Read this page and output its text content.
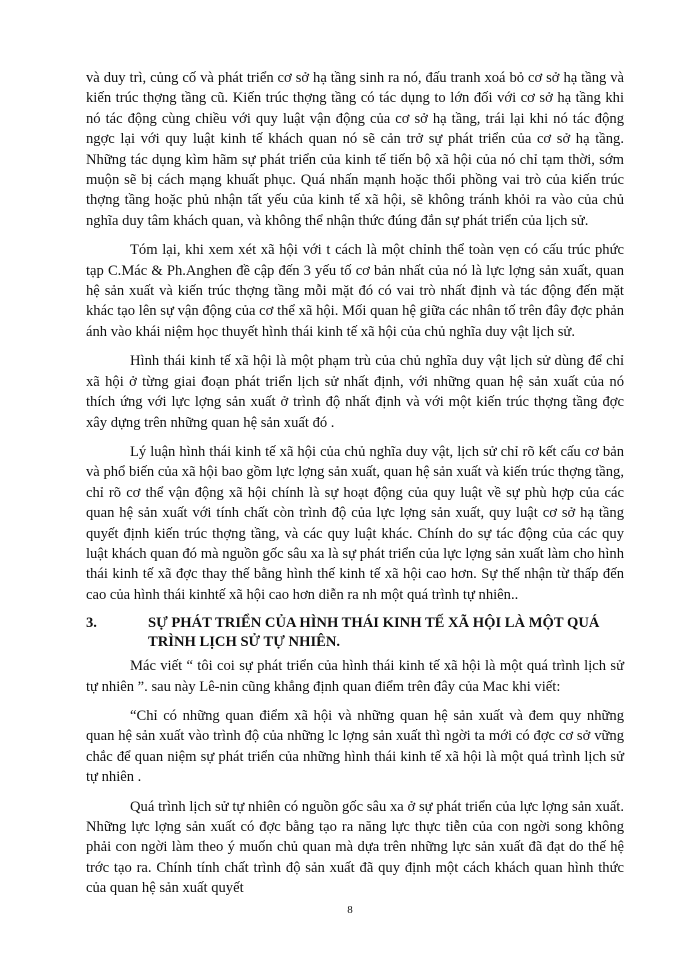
và duy trì, củng cố và phát triển cơ sở hạ tầng sinh ra nó, đấu tranh xoá bỏ cơ sở hạ tầng và kiến trúc thợng tầng cũ. Kiến trúc thợng tầng có tác dụng to lớn đối với cơ sở hạ tầng khi nó tác động cùng chiều với quy luật vận động của cơ sở hạ tầng, trái lại khi nó tác động ngợc lại với quy luật kinh tế khách quan nó sẽ cản trở sự phát triển của cơ sở hạ tầng. Những tác dụng kìm hãm sự phát triển của kinh tế tiến bộ xã hội của nó chỉ tạm thời, sớm muộn sẽ bị cách mạng khuất phục. Quá nhấn mạnh hoặc thổi phồng vai trò của kiến trúc thợng tầng hoặc phủ nhận tất yếu của kinh tế xã hội, sẽ không tránh khỏi ra vào của chủ nghĩa duy tâm khách quan, và không thể nhận thức đúng đắn sự phát triển của lịch sử.

Tóm lại, khi xem xét xã hội với t cách là một chỉnh thể toàn vẹn có cấu trúc phức tạp C.Mác & Ph.Anghen đề cập đến 3 yếu tố cơ bản nhất của nó là lực lợng sản xuất, quan hệ sản xuất và kiến trúc thợng tầng mỗi mặt đó có vai trò nhất định và tác động đến mặt khác tạo lên sự vận động của cơ thể xã hội. Mối quan hệ giữa các nhân tố trên đây đợc phản ánh vào khái niệm học thuyết hình thái kinh tế xã hội của chủ nghĩa duy vật lịch sử.

Hình thái kinh tế xã hội là một phạm trù của chủ nghĩa duy vật lịch sử dùng để chỉ xã hội ở từng giai đoạn phát triển lịch sử nhất định, với những quan hệ sản xuất của nó thích ứng với lực lợng sản xuất ở trình độ nhất định và với một kiến trúc thợng tầng đợc xây dựng trên những quan hệ sản xuất đó .

Lý luận hình thái kinh tế xã hội của chủ nghĩa duy vật, lịch sử chỉ rõ kết cấu cơ bản và phổ biến của xã hội bao gồm lực lợng sản xuất, quan hệ sản xuất và kiến trúc thợng tầng, chỉ rõ cơ thể vận động xã hội chính là sự hoạt động của quy luật về sự phù hợp của các quan hệ sản xuất với tính chất còn trình độ của lực lợng sản xuất, quy luật cơ sở hạ tầng quyết định kiến trúc thợng tầng, và các quy luật khác. Chính do sự tác động của các quy luật khách quan đó mà nguồn gốc sâu xa là sự phát triển của lực lợng sản xuất làm cho hình thái kinh tế xã đợc thay thế bằng hình thế kinh tế xã hội cao hơn. Sự thế nhận từ thấp đến cao của hình thái kinhtế xã hội cao hơn diễn ra nh một quá trình tự nhiên..

3.	SỰ PHÁT TRIỂN CỦA HÌNH THÁI KINH TẾ XÃ HỘI LÀ MỘT QUÁ TRÌNH LỊCH SỬ TỰ NHIÊN.

Mác viết “ tôi coi sự phát triển của hình thái kinh tế xã hội là một quá trình lịch sử tự nhiên ”. sau này Lê-nin cũng khẳng định quan điểm trên đây của Mac khi viết:

“Chỉ có những quan điểm xã hội và những quan hệ sản xuất và đem quy những quan hệ sản xuất vào trình độ của những lc lợng sản xuất thì ngời ta mới có đợc cơ sở vững chắc để quan niệm sự phát triển của những hình thái kinh tế xã hội là một quá trình lịch sử tự nhiên .

Quá trình lịch sử tự nhiên có nguồn gốc sâu xa ở sự phát triển của lực lợng sản xuất. Những lực lợng sản xuất có đợc bằng tạo ra năng lực thực tiễn của con ngời song không phải con ngời làm theo ý muốn chủ quan mà dựa trên những lực sản xuất đã đạt do thế hệ trớc tạo ra. Chính tính chất trình độ sản xuất đã quy định một cách khách quan hình thức của quan hệ sản xuất quyết

8
